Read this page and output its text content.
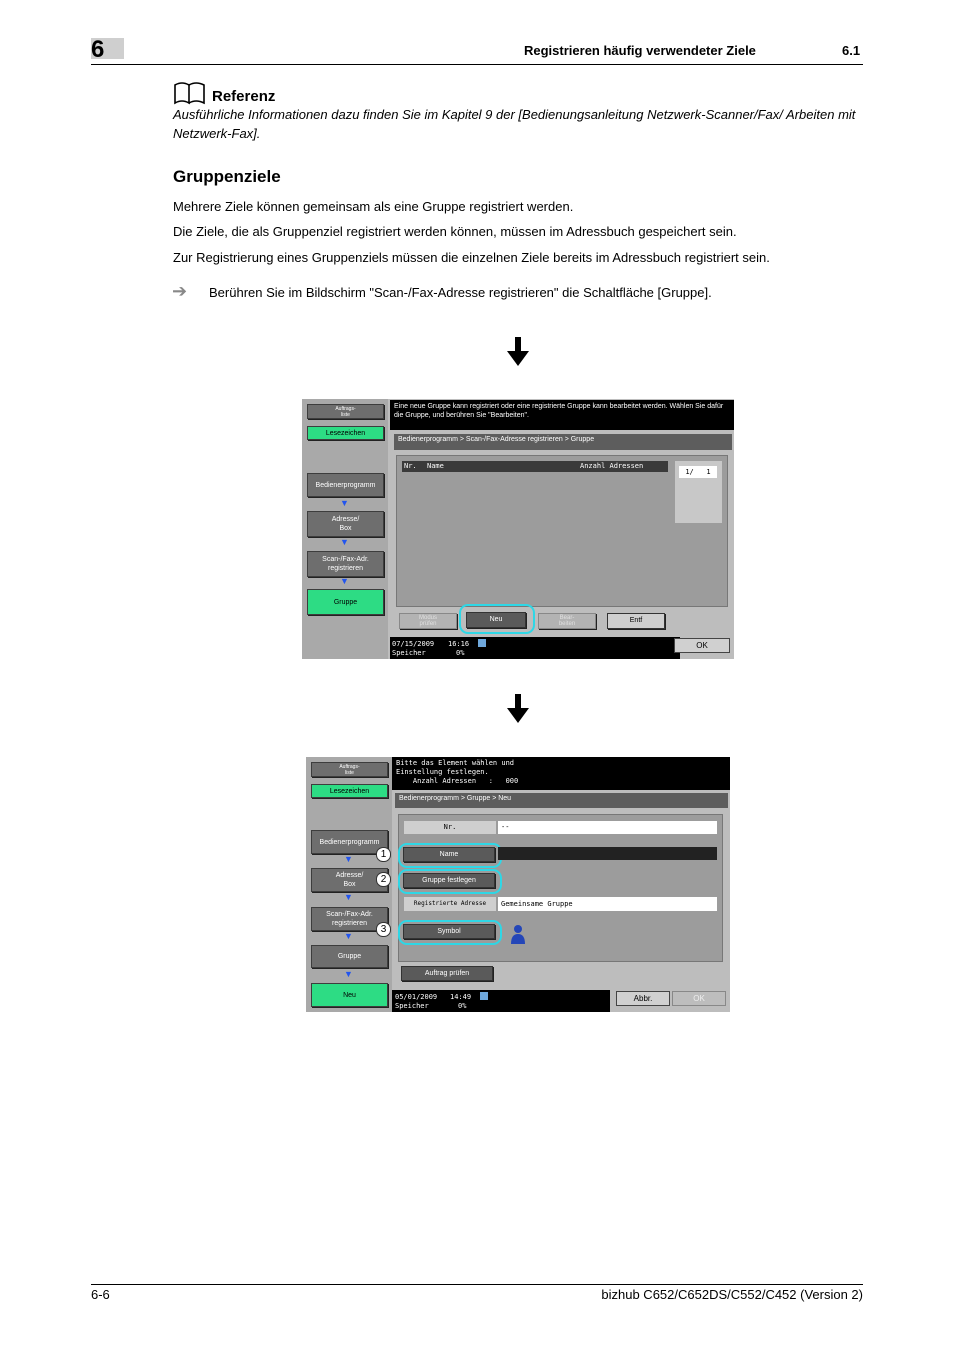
6	Registrieren häufig verwendeter Ziele	6.1
Referenz
Ausführliche Informationen dazu finden Sie im Kapitel 9 der [Bedienungsanleitung Netzwerk-Scanner/Fax/ Arbeiten mit Netzwerk-Fax].
Gruppenziele
Mehrere Ziele können gemeinsam als eine Gruppe registriert werden.
Die Ziele, die als Gruppenziel registriert werden können, müssen im Adressbuch gespeichert sein.
Zur Registrierung eines Gruppenziels müssen die einzelnen Ziele bereits im Adressbuch registriert sein.
➔ Berühren Sie im Bildschirm "Scan-/Fax-Adresse registrieren" die Schaltfläche [Gruppe].
Auftrags-
liste
Lesezeichen
Bedienerprogramm
▼
Adresse/
Box
▼
Scan-/Fax-Adr.
registrieren
▼
Gruppe
Eine neue Gruppe kann registriert oder eine registrierte Gruppe kann bearbeitet werden. Wählen Sie dafür die Gruppe, und berühren Sie "Bearbeiten".
Bedienerprogramm > Scan-/Fax-Adresse registrieren > Gruppe
Nr. Name	Anzahl Adressen
1/   1
Modus
prüfen
Neu	Bear-
beiten	Entf
07/15/2009 16:16
Speicher	0%
OK
Auftrags-
liste
Lesezeichen
Bedienerprogramm
▼
Adresse/
Box
▼
Scan-/Fax-Adr.
registrieren
▼
Gruppe
▼
Neu
Bitte das Element wählen und
Einstellung festlegen.
Anzahl Adressen   :   000
Bedienerprogramm > Gruppe > Neu
Nr.	--
Name
Gruppe festlegen
Registrierte Adresse	Gemeinsame Gruppe
Symbol
1
2
3
Auftrag prüfen
05/01/2009 14:49
Speicher	0%
Abbr.	OK
6-6	bizhub C652/C652DS/C552/C452 (Version 2)
